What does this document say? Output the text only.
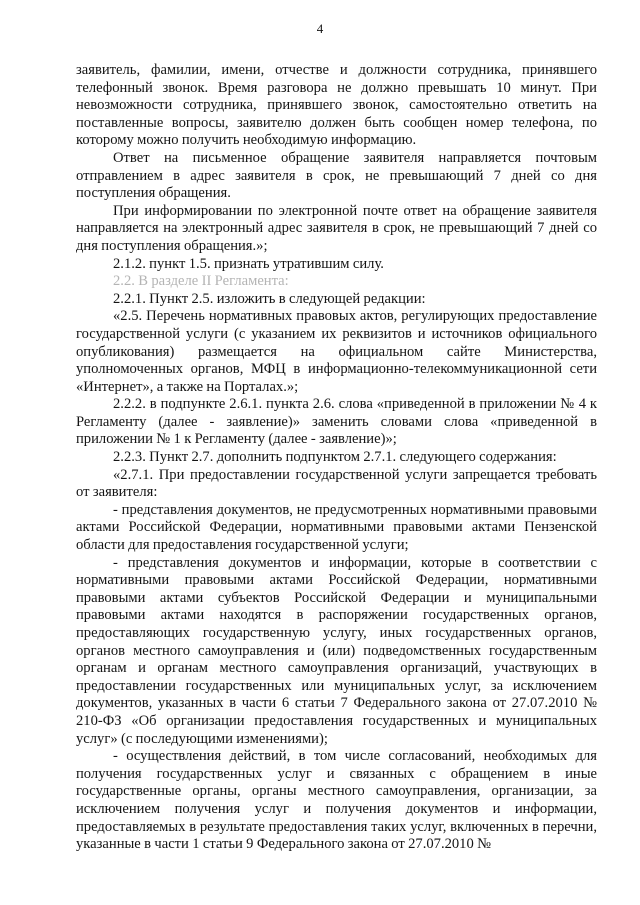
4

заявитель, фамилии, имени, отчестве и должности сотрудника, принявшего телефонный звонок. Время разговора не должно превышать 10 минут. При невозможности сотрудника, принявшего звонок, самостоятельно ответить на поставленные вопросы, заявителю должен быть сообщен номер телефона, по которому можно получить необходимую информацию.

Ответ на письменное обращение заявителя направляется почтовым отправлением в адрес заявителя в срок, не превышающий 7 дней со дня поступления обращения.

При информировании по электронной почте ответ на обращение заявителя направляется на электронный адрес заявителя в срок, не превышающий 7 дней со дня поступления обращения.»;

2.1.2. пункт 1.5. признать утратившим силу.

2.2. В разделе II Регламента:

2.2.1. Пункт 2.5. изложить в следующей редакции:

«2.5. Перечень нормативных правовых актов, регулирующих предоставление государственной услуги (с указанием их реквизитов и источников официального опубликования) размещается на официальном сайте Министерства, уполномоченных органов, МФЦ в информационно-телекоммуникационной сети «Интернет», а также на Порталах.»;

2.2.2. в подпункте 2.6.1. пункта 2.6. слова «приведенной в приложении № 4 к Регламенту (далее - заявление)» заменить словами слова «приведенной в приложении № 1 к Регламенту (далее - заявление)»;

2.2.3. Пункт 2.7. дополнить подпунктом 2.7.1. следующего содержания:

«2.7.1. При предоставлении государственной услуги запрещается требовать от заявителя:

- представления документов, не предусмотренных нормативными правовыми актами Российской Федерации, нормативными правовыми актами Пензенской области для предоставления государственной услуги;

- представления документов и информации, которые в соответствии с нормативными правовыми актами Российской Федерации, нормативными правовыми актами субъектов Российской Федерации и муниципальными правовыми актами находятся в распоряжении государственных органов, предоставляющих государственную услугу, иных государственных органов, органов местного самоуправления и (или) подведомственных государственным органам и органам местного самоуправления организаций, участвующих в предоставлении государственных или муниципальных услуг, за исключением документов, указанных в части 6 статьи 7 Федерального закона от 27.07.2010 № 210-ФЗ «Об организации предоставления государственных и муниципальных услуг» (с последующими изменениями);

- осуществления действий, в том числе согласований, необходимых для получения государственных услуг и связанных с обращением в иные государственные органы, органы местного самоуправления, организации, за исключением получения услуг и получения документов и информации, предоставляемых в результате предоставления таких услуг, включенных в перечни, указанные в части 1 статьи 9 Федерального закона от 27.07.2010 №
